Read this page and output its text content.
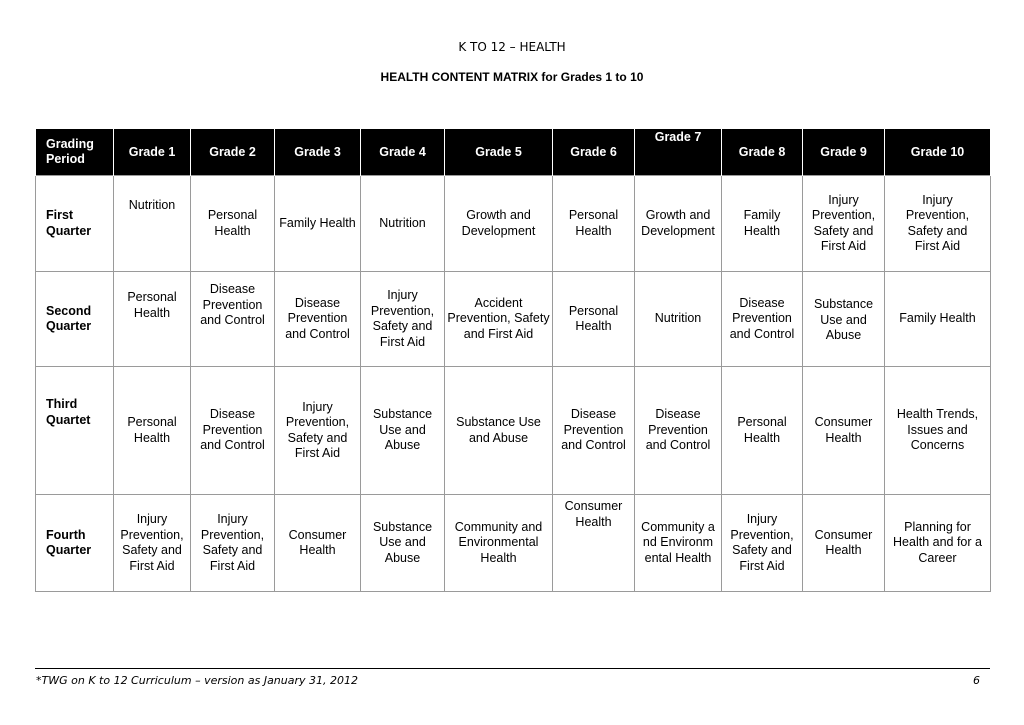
K TO 12 – HEALTH
HEALTH CONTENT MATRIX for Grades 1 to 10
Grading Period	Grade 1	Grade 2	Grade 3	Grade 4	Grade 5	Grade 6	Grade 7	Grade 8	Grade 9	Grade 10
First Quarter	Nutrition	Personal Health	Family Health	Nutrition	Growth and Development	Personal Health	Growth and Development	Family Health	Injury Prevention, Safety and First Aid	Injury Prevention, Safety and First Aid
Second Quarter	Personal Health	Disease Prevention and Control	Disease Prevention and Control	Injury Prevention, Safety and First Aid	Accident Prevention, Safety and First Aid	Personal Health	Nutrition	Disease Prevention and Control	Substance Use and Abuse	Family Health
Third Quartet	Personal Health	Disease Prevention and Control	Injury Prevention, Safety and First Aid	Substance Use and Abuse	Substance Use and Abuse	Disease Prevention and Control	Disease Prevention and Control	Personal Health	Consumer Health	Health Trends, Issues and Concerns
Fourth Quarter	Injury Prevention, Safety and First Aid	Injury Prevention, Safety and First Aid	Consumer Health	Substance Use and Abuse	Community and Environmental Health	Consumer Health	Community and Environmental Health	Injury Prevention, Safety and First Aid	Consumer Health	Planning for Health and for a Career
*TWG on K to 12 Curriculum – version as January 31, 2012	6
